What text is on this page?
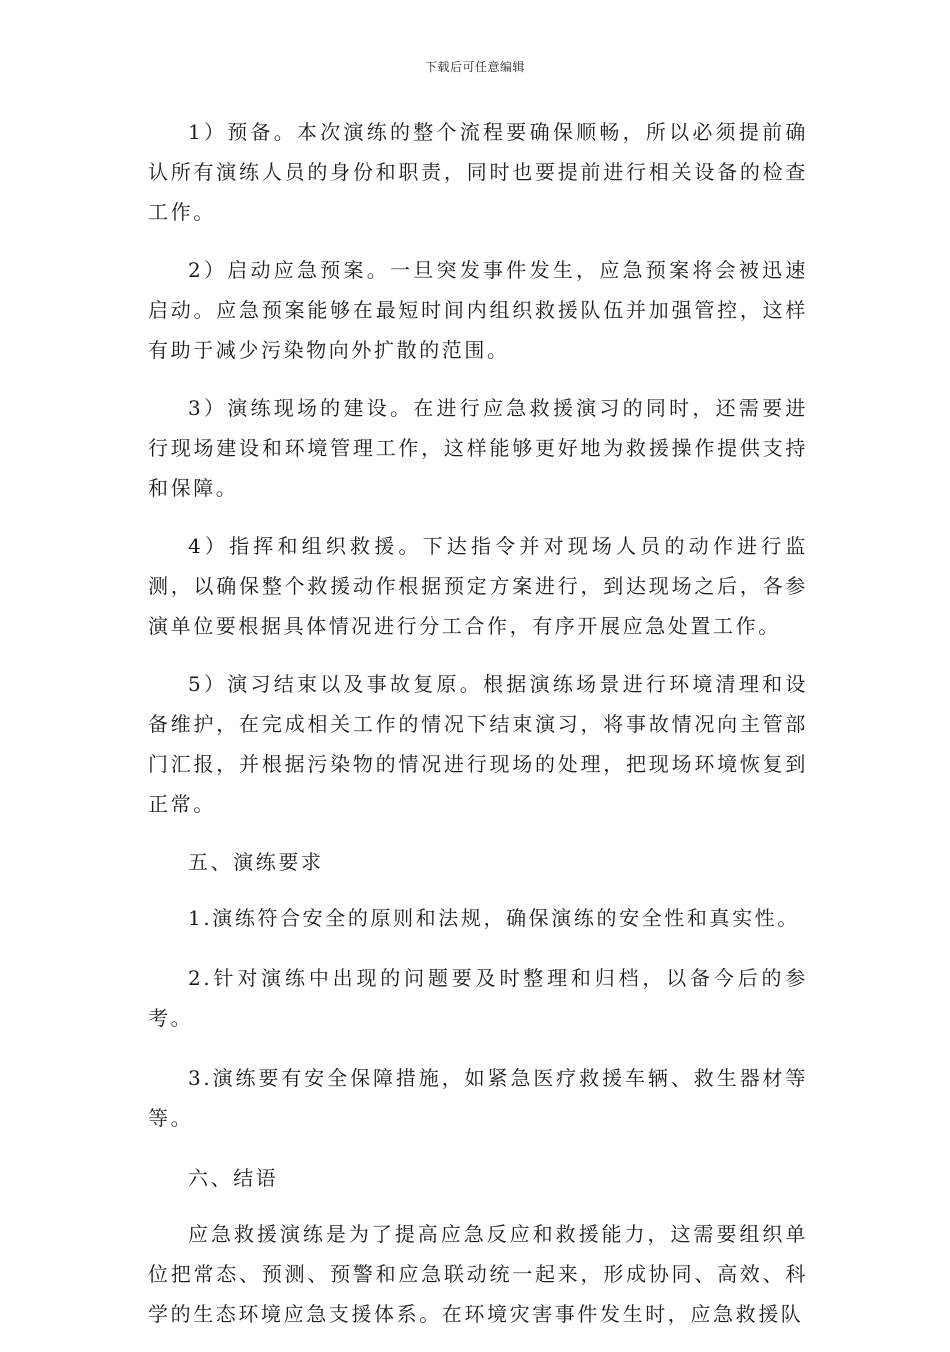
下载后可任意编辑

1）预备。本次演练的整个流程要确保顺畅，所以必须提前确认所有演练人员的身份和职责，同时也要提前进行相关设备的检查工作。

2）启动应急预案。一旦突发事件发生，应急预案将会被迅速启动。应急预案能够在最短时间内组织救援队伍并加强管控，这样有助于减少污染物向外扩散的范围。

3）演练现场的建设。在进行应急救援演习的同时，还需要进行现场建设和环境管理工作，这样能够更好地为救援操作提供支持和保障。

4）指挥和组织救援。下达指令并对现场人员的动作进行监测，以确保整个救援动作根据预定方案进行，到达现场之后，各参演单位要根据具体情况进行分工合作，有序开展应急处置工作。

5）演习结束以及事故复原。根据演练场景进行环境清理和设备维护，在完成相关工作的情况下结束演习，将事故情况向主管部门汇报，并根据污染物的情况进行现场的处理，把现场环境恢复到正常。

五、演练要求

1.演练符合安全的原则和法规，确保演练的安全性和真实性。

2.针对演练中出现的问题要及时整理和归档，以备今后的参考。

3.演练要有安全保障措施，如紧急医疗救援车辆、救生器材等等。

六、结语

应急救援演练是为了提高应急反应和救援能力，这需要组织单位把常态、预测、预警和应急联动统一起来，形成协同、高效、科学的生态环境应急支援体系。在环境灾害事件发生时，应急救援队
